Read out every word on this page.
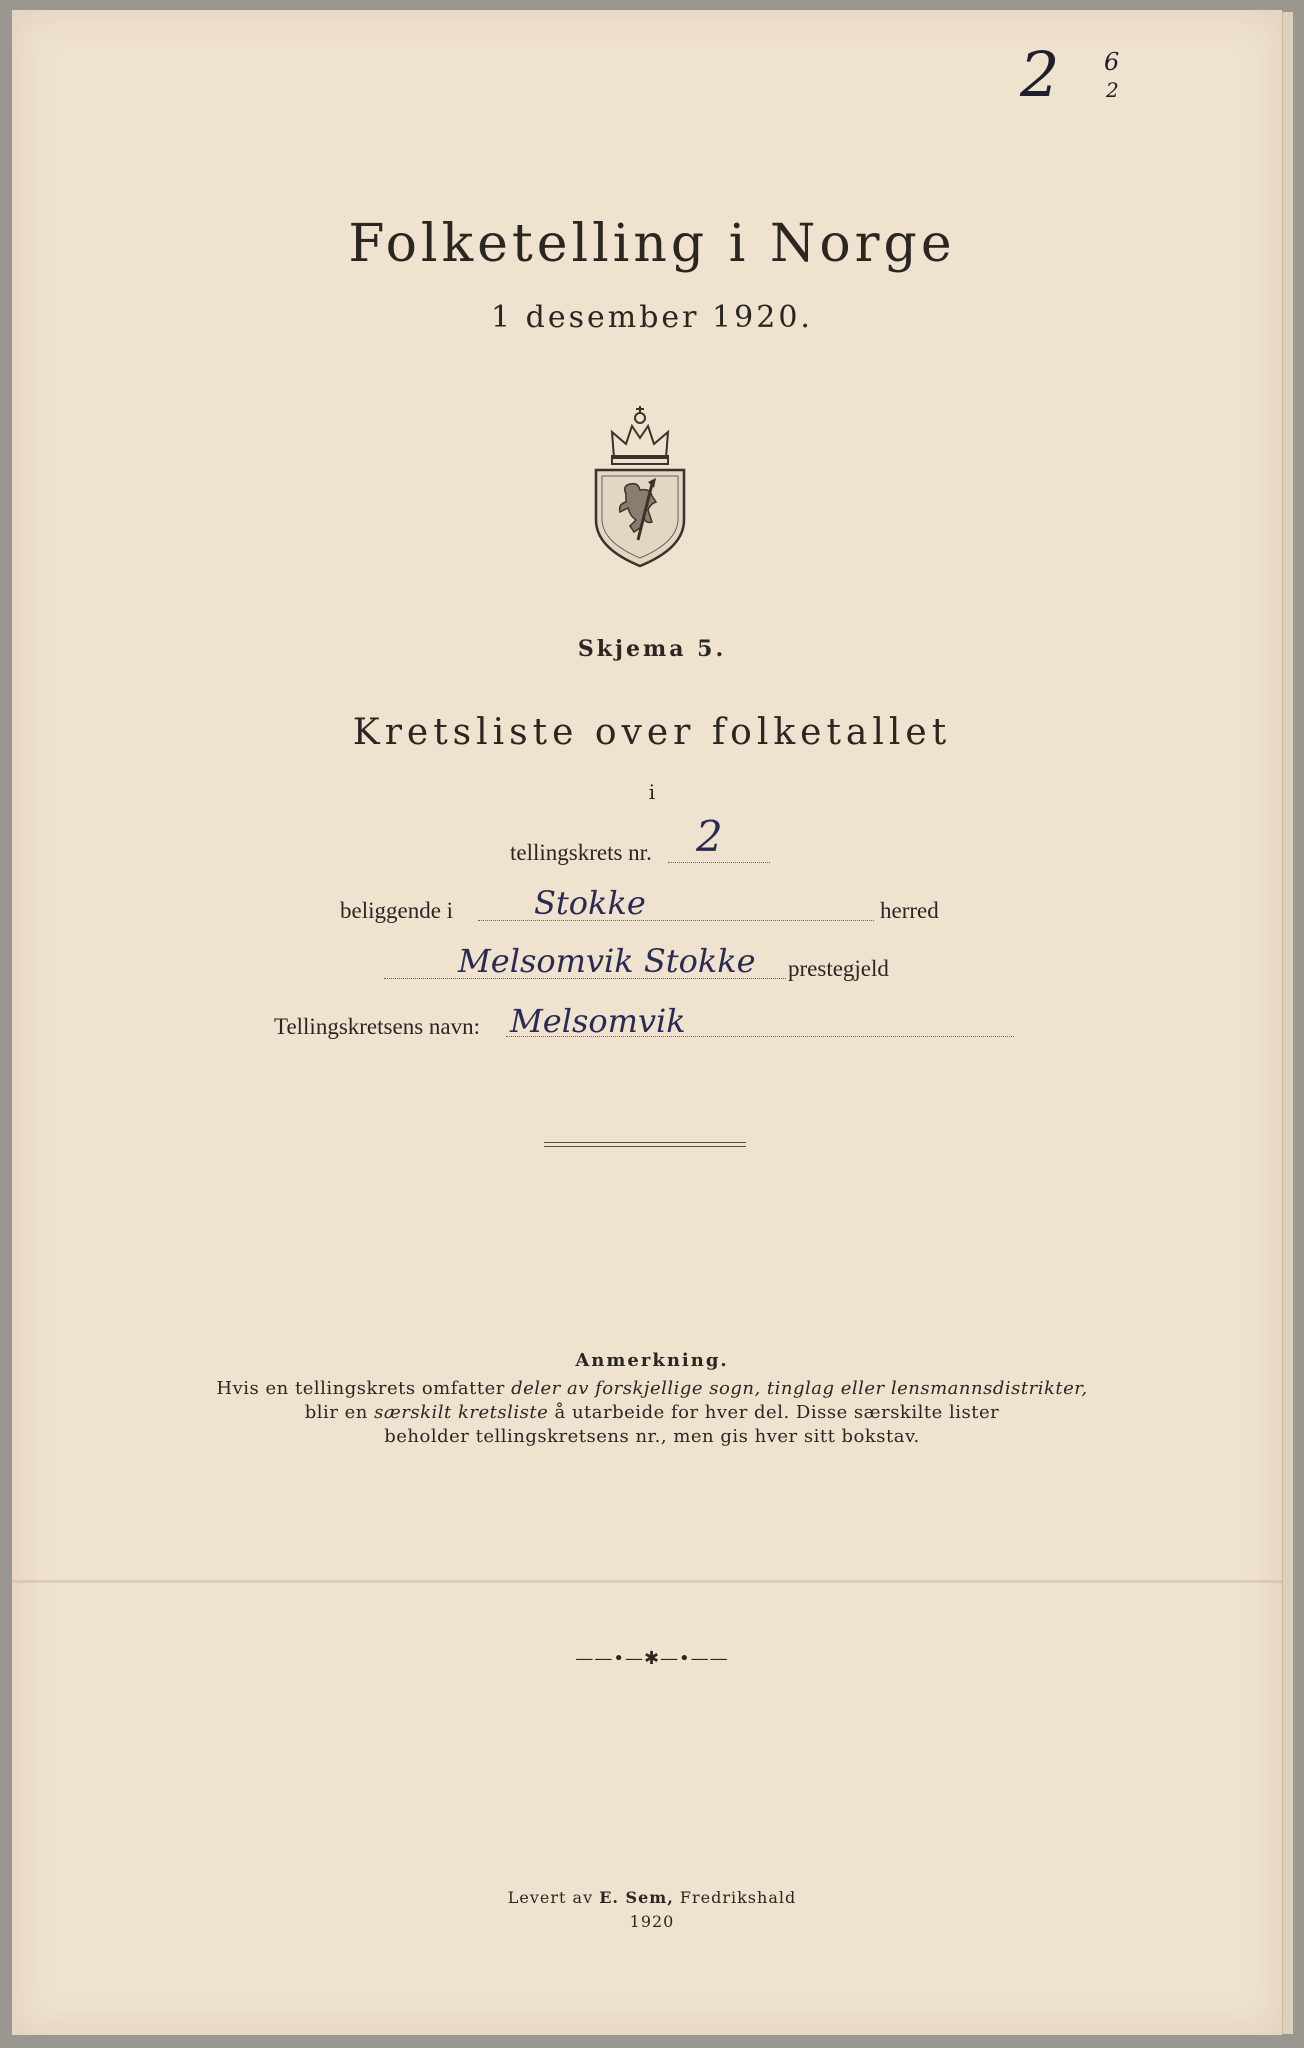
2 6
2
Folketelling i Norge
1 desember 1920.
Skjema 5.
Kretsliste over folketallet
i
tellingskrets nr. 2
beliggende i	Stokke	herred
Melsomvik Stokke prestegjeld
Tellingskretsens navn: Melsomvik
Anmerkning.
Hvis en tellingskrets omfatter deler av forskjellige sogn, tinglag eller lensmannsdistrikter,
blir en særskilt kretsliste å utarbeide for hver del. Disse særskilte lister
beholder tellingskretsens nr., men gis hver sitt bokstav.
——•—✱—•——
Levert av E. Sem, Fredrikshald
1920
